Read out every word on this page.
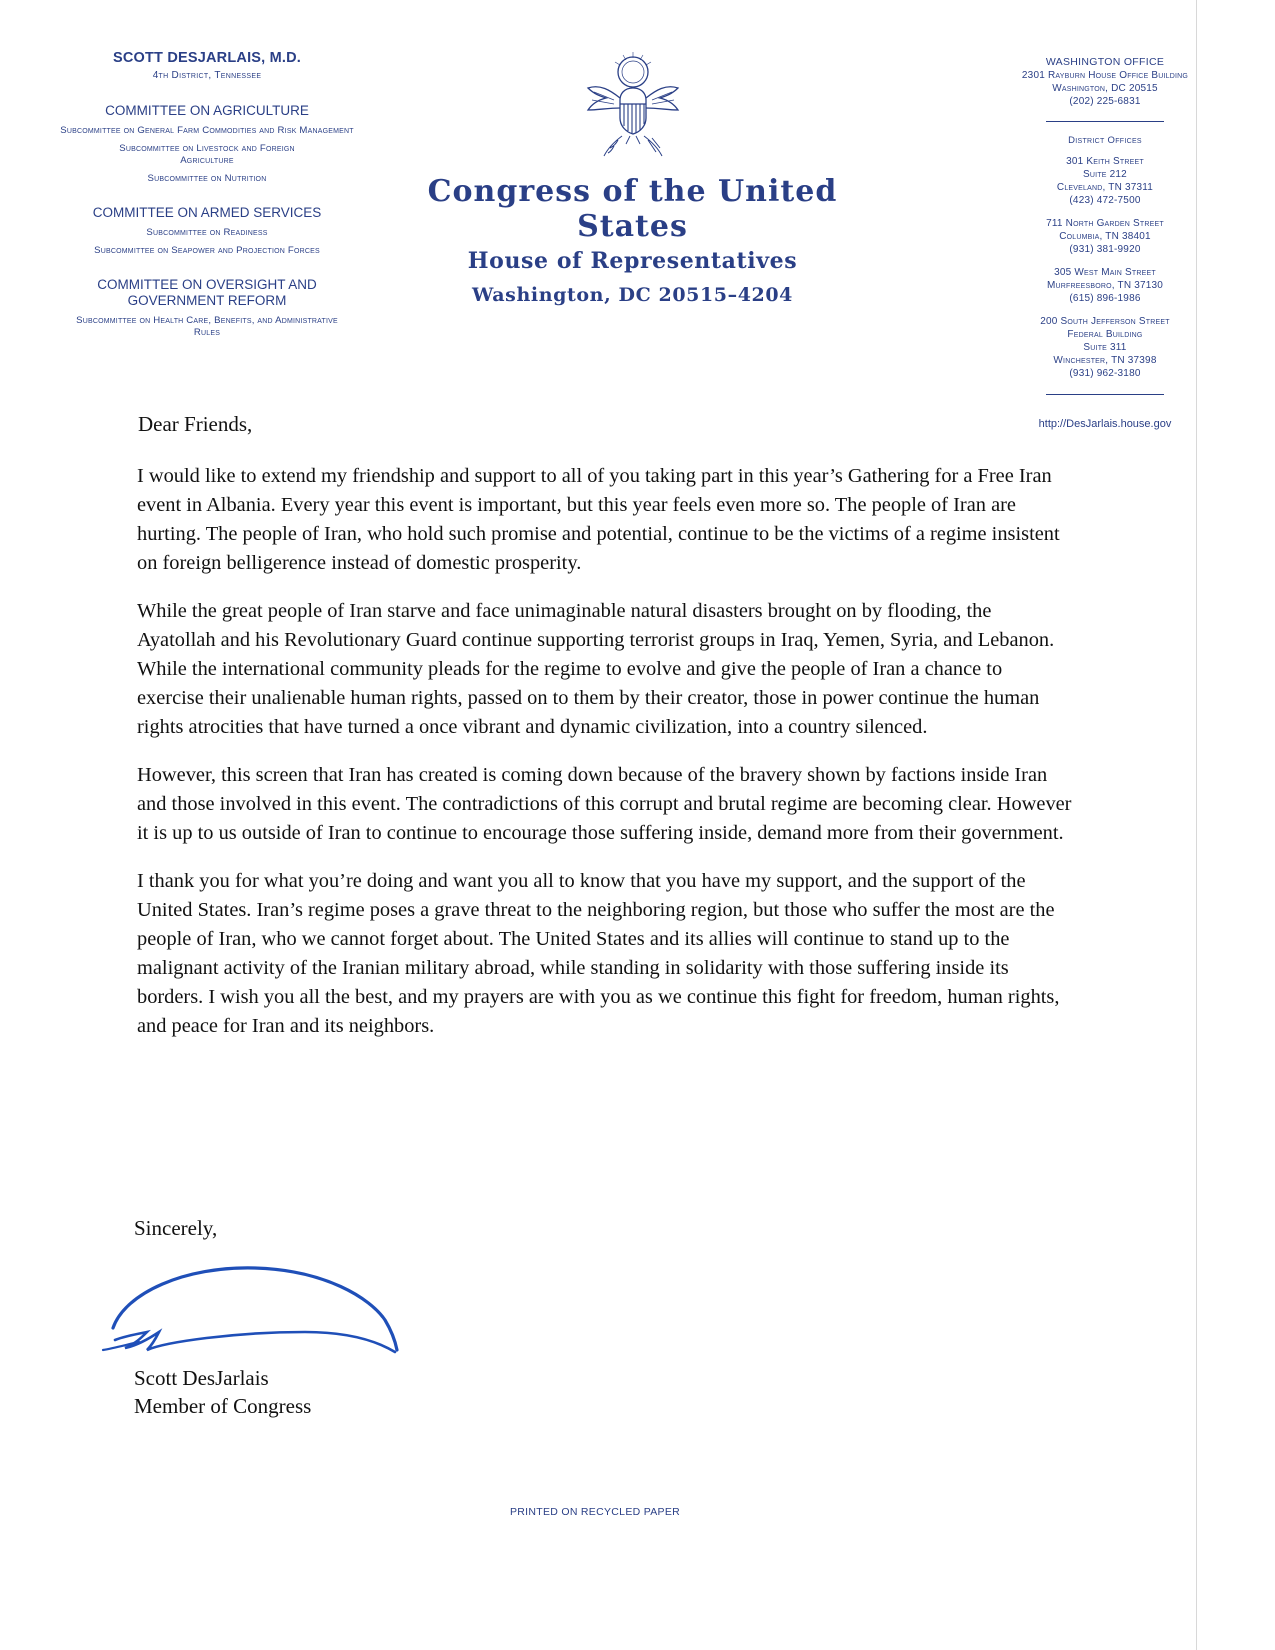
SCOTT DESJARLAIS, M.D.
4th District, Tennessee
COMMITTEE ON AGRICULTURE
Subcommittee on General Farm Commodities and Risk Management
Subcommittee on Livestock and Foreign Agriculture
Subcommittee on Nutrition
COMMITTEE ON ARMED SERVICES
Subcommittee on Readiness
Subcommittee on Seapower and Projection Forces
COMMITTEE ON OVERSIGHT AND GOVERNMENT REFORM
Subcommittee on Health Care, Benefits, and Administrative Rules
Congress of the United States
House of Representatives
Washington, DC 20515–4204
WASHINGTON OFFICE
2301 Rayburn House Office Building
Washington, DC 20515
(202) 225-6831
District Offices
301 Keith Street
Suite 212
Cleveland, TN 37311
(423) 472-7500
711 North Garden Street
Columbia, TN 38401
(931) 381-9920
305 West Main Street
Murfreesboro, TN 37130
(615) 896-1986
200 South Jefferson Street
Federal Building
Suite 311
Winchester, TN 37398
(931) 962-3180
http://DesJarlais.house.gov
Dear Friends,

I would like to extend my friendship and support to all of you taking part in this year’s Gathering for a Free Iran event in Albania. Every year this event is important, but this year feels even more so. The people of Iran are hurting. The people of Iran, who hold such promise and potential, continue to be the victims of a regime insistent on foreign belligerence instead of domestic prosperity.

While the great people of Iran starve and face unimaginable natural disasters brought on by flooding, the Ayatollah and his Revolutionary Guard continue supporting terrorist groups in Iraq, Yemen, Syria, and Lebanon. While the international community pleads for the regime to evolve and give the people of Iran a chance to exercise their unalienable human rights, passed on to them by their creator, those in power continue the human rights atrocities that have turned a once vibrant and dynamic civilization, into a country silenced.

However, this screen that Iran has created is coming down because of the bravery shown by factions inside Iran and those involved in this event. The contradictions of this corrupt and brutal regime are becoming clear. However it is up to us outside of Iran to continue to encourage those suffering inside, demand more from their government.

I thank you for what you’re doing and want you all to know that you have my support, and the support of the United States. Iran’s regime poses a grave threat to the neighboring region, but those who suffer the most are the people of Iran, who we cannot forget about. The United States and its allies will continue to stand up to the malignant activity of the Iranian military abroad, while standing in solidarity with those suffering inside its borders. I wish you all the best, and my prayers are with you as we continue this fight for freedom, human rights, and peace for Iran and its neighbors.

Sincerely,
Scott DesJarlais
Member of Congress
PRINTED ON RECYCLED PAPER
